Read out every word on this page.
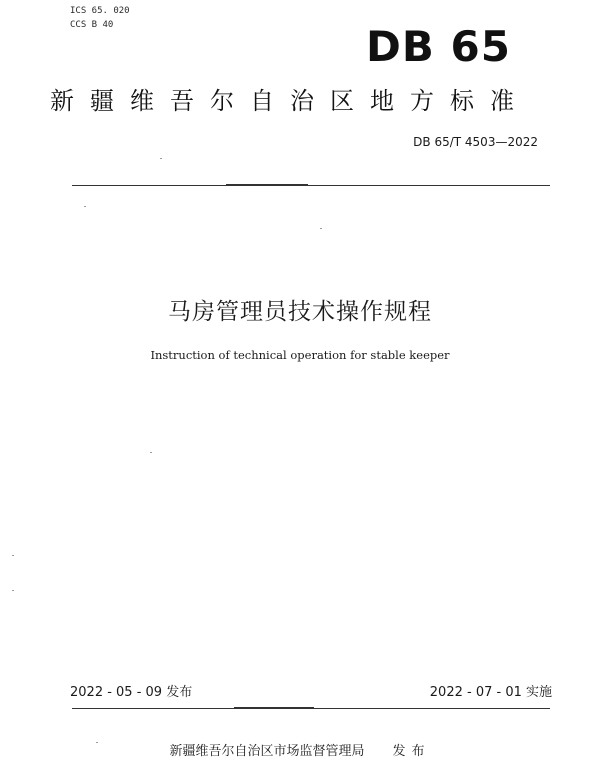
ICS 65. 020
CCS B 40	DB 65
新疆维吾尔自治区地方标准
DB 65/T 4503—2022
马房管理员技术操作规程
Instruction of technical operation for stable keeper
2022 - 05 - 09 发布	2022 - 07 - 01 实施
新疆维吾尔自治区市场监督管理局 发布
